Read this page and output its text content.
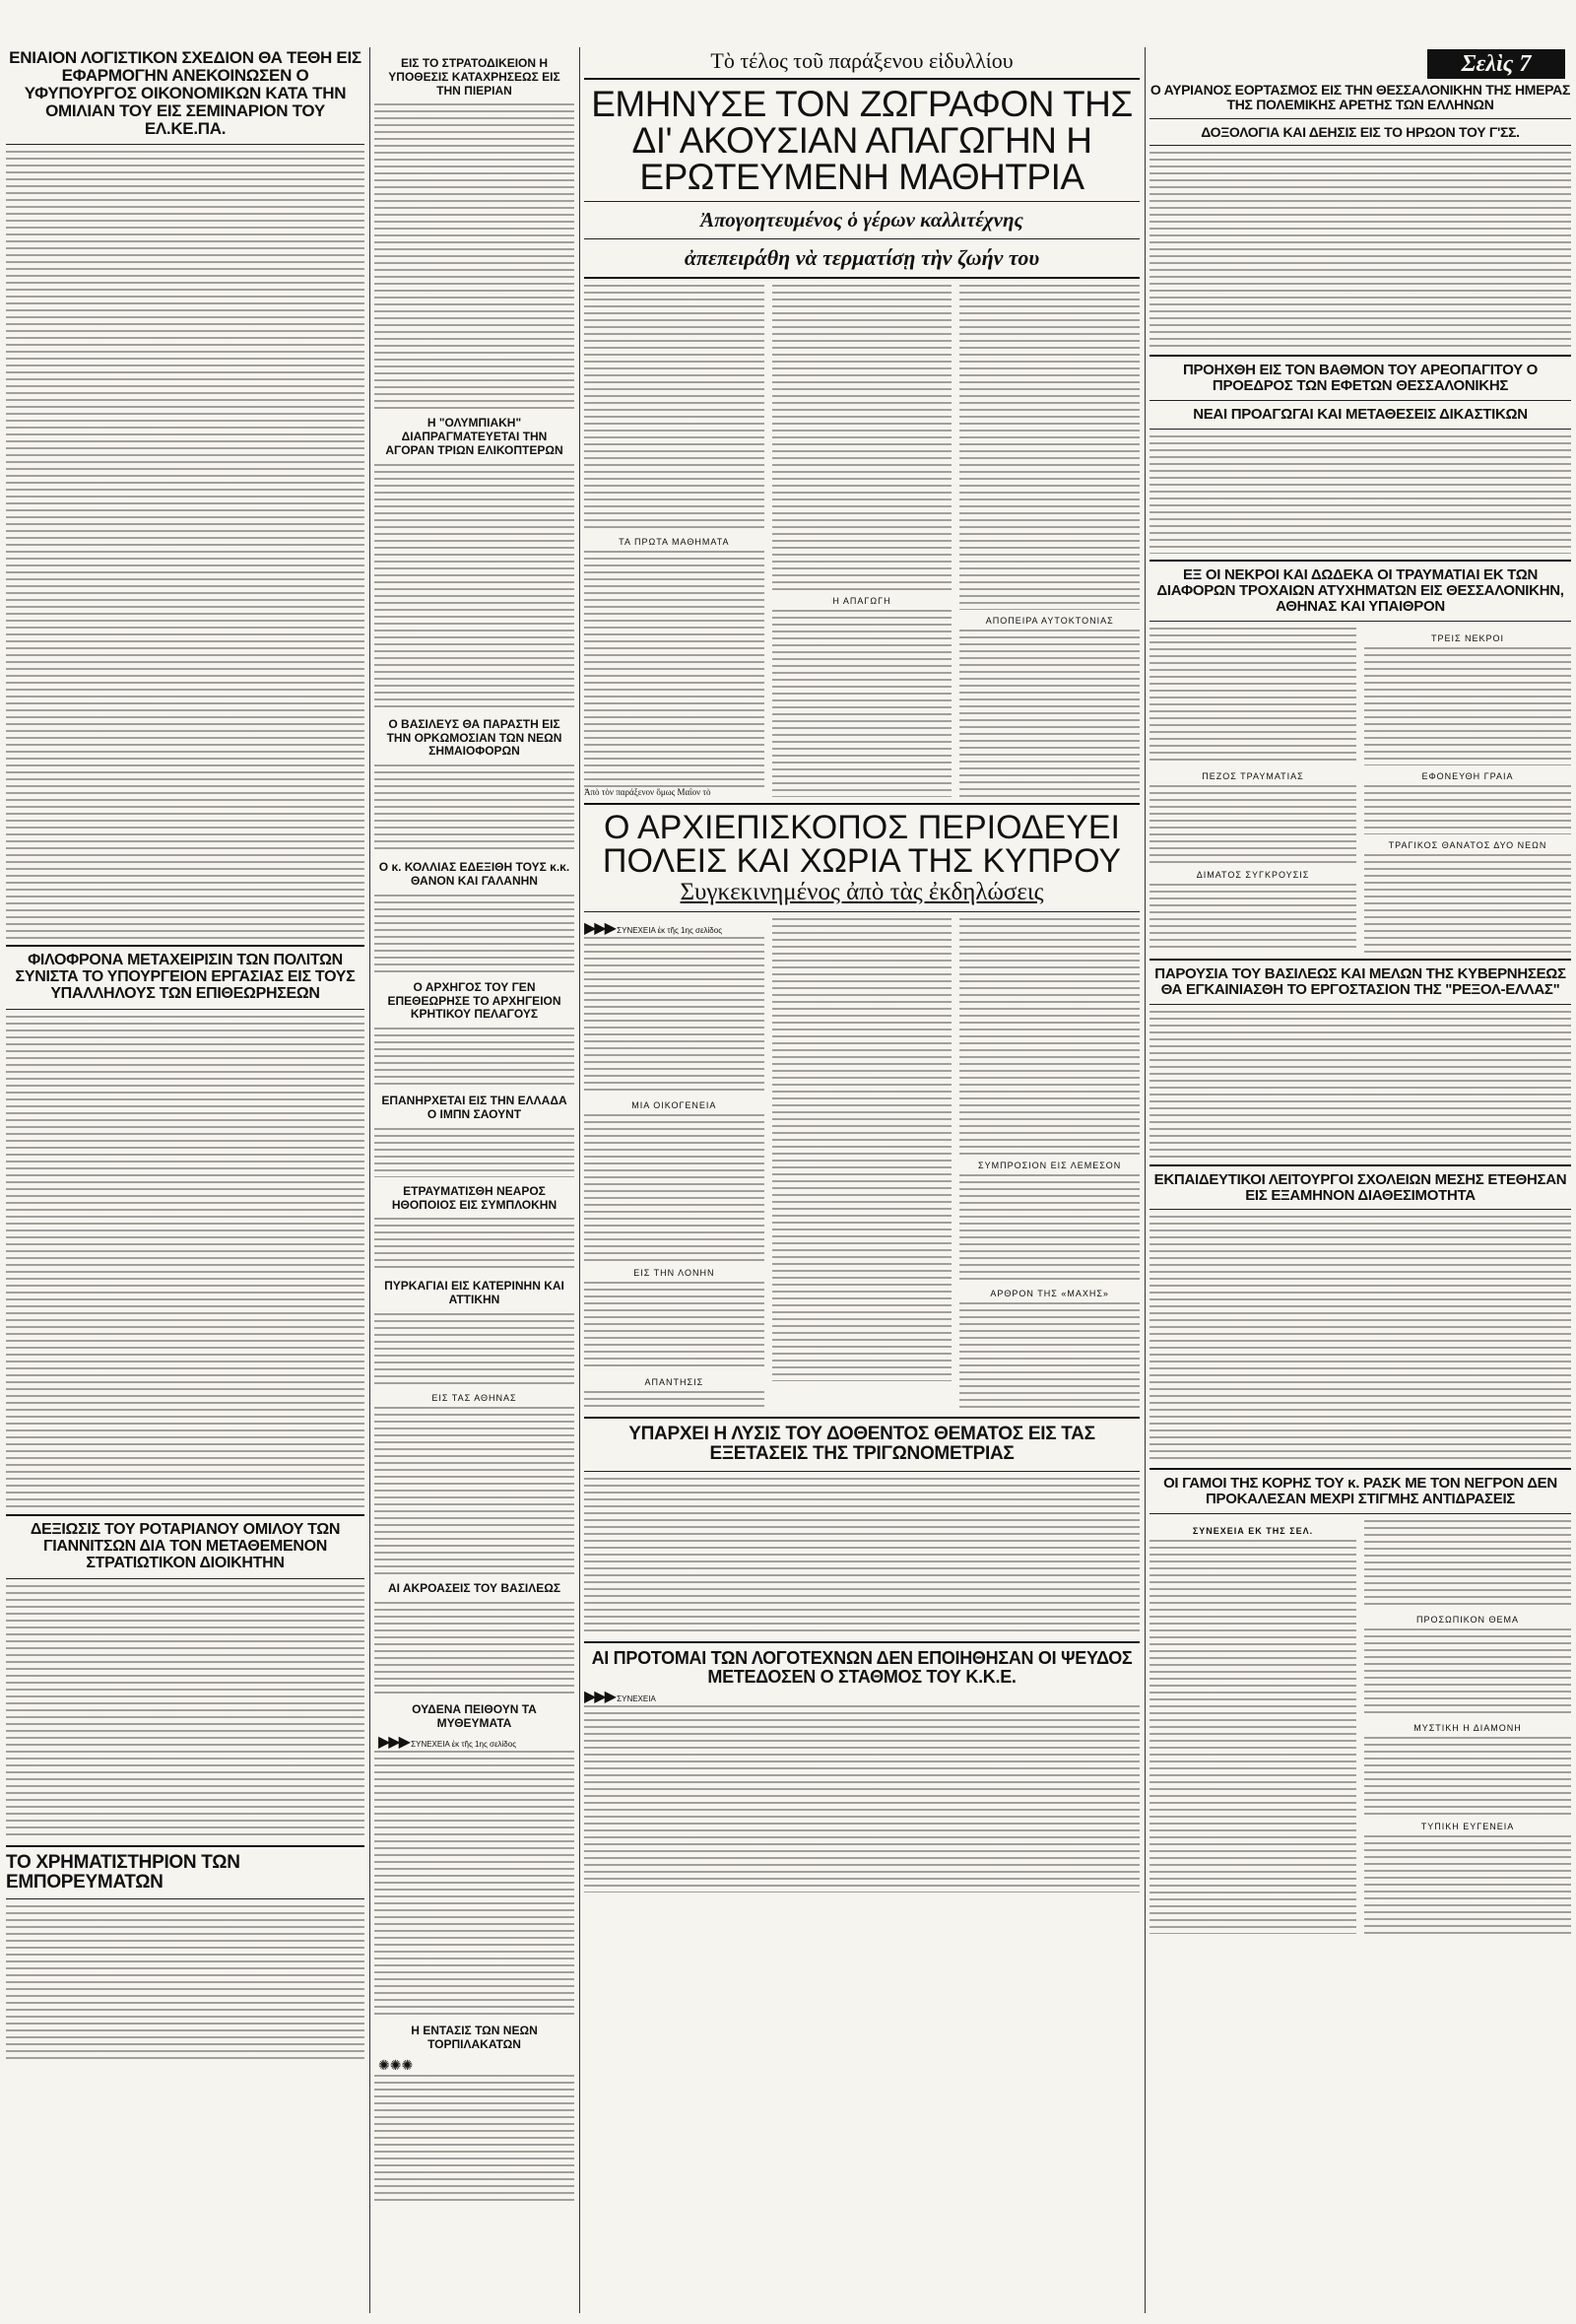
ΕΝΙΑΙΟΝ ΛΟΓΙΣΤΙΚΟΝ ΣΧΕΔΙΟΝ ΘΑ ΤΕΘΗ ΕΙΣ ΕΦΑΡΜΟΓΗΝ ΑΝΕΚΟΙΝΩΣΕΝ Ο ΥΦΥΠΟΥΡΓΟΣ ΟΙΚΟΝΟΜΙΚΩΝ ΚΑΤΑ ΤΗΝ ΟΜΙΛΙΑΝ ΤΟΥ ΕΙΣ ΣΕΜΙΝΑΡΙΟΝ ΤΟΥ ΕΛ.ΚΕ.ΠΑ.
ΦΙΛΟΦΡΟΝΑ ΜΕΤΑΧΕΙΡΙΣΙΝ ΤΩΝ ΠΟΛΙΤΩΝ ΣΥΝΙΣΤΑ ΤΟ ΥΠΟΥΡΓΕΙΟΝ ΕΡΓΑΣΙΑΣ ΕΙΣ ΤΟΥΣ ΥΠΑΛΛΗΛΟΥΣ ΤΩΝ ΕΠΙΘΕΩΡΗΣΕΩΝ
ΔΕΞΙΩΣΙΣ ΤΟΥ ΡΟΤΑΡΙΑΝΟΥ ΟΜΙΛΟΥ ΤΩΝ ΓΙΑΝΝΙΤΣΩΝ ΔΙΑ ΤΟΝ ΜΕΤΑΘΕΜΕΝΟΝ ΣΤΡΑΤΙΩΤΙΚΟΝ ΔΙΟΙΚΗΤΗΝ
ΤΟ ΧΡΗΜΑΤΙΣΤΗΡΙΟΝ ΤΩΝ ΕΜΠΟΡΕΥΜΑΤΩΝ
ΕΙΣ ΤΟ ΣΤΡΑΤΟΔΙΚΕΙΟΝ Η ΥΠΟΘΕΣΙΣ ΚΑΤΑΧΡΗΣΕΩΣ ΕΙΣ ΤΗΝ ΠΙΕΡΙΑΝ
Η "ΟΛΥΜΠΙΑΚΗ" ΔΙΑΠΡΑΓΜΑΤΕΥΕΤΑΙ ΤΗΝ ΑΓΟΡΑΝ ΤΡΙΩΝ ΕΛΙΚΟΠΤΕΡΩΝ
Ο ΒΑΣΙΛΕΥΣ ΘΑ ΠΑΡΑΣΤΗ ΕΙΣ ΤΗΝ ΟΡΚΩΜΟΣΙΑΝ ΤΩΝ ΝΕΩΝ ΣΗΜΑΙΟΦΟΡΩΝ
Ο κ. ΚΟΛΛΙΑΣ ΕΔΕΞΙΘΗ ΤΟΥΣ κ.κ. ΘΑΝΟΝ ΚΑΙ ΓΑΛΑΝΗΝ
Ο ΑΡΧΗΓΟΣ ΤΟΥ ΓΕΝ ΕΠΕΘΕΩΡΗΣΕ ΤΟ ΑΡΧΗΓΕΙΟΝ ΚΡΗΤΙΚΟΥ ΠΕΛΑΓΟΥΣ
ΕΠΑΝΗΡΧΕΤΑΙ ΕΙΣ ΤΗΝ ΕΛΛΑΔΑ Ο ΙΜΠΝ ΣΑΟΥΝΤ
ΕΤΡΑΥΜΑΤΙΣΘΗ ΝΕΑΡΟΣ ΗΘΟΠΟΙΟΣ ΕΙΣ ΣΥΜΠΛΟΚΗΝ
ΠΥΡΚΑΓΙΑΙ ΕΙΣ ΚΑΤΕΡΙΝΗΝ ΚΑΙ ΑΤΤΙΚΗΝ
ΕΙΣ ΤΑΣ ΑΘΗΝΑΣ
ΑΙ ΑΚΡΟΑΣΕΙΣ ΤΟΥ ΒΑΣΙΛΕΩΣ
ΟΥΔΕΝΑ ΠΕΙΘΟΥΝ ΤΑ ΜΥΘΕΥΜΑΤΑ
▶▶▶ ΣΥΝΕΧΕΙΑ ἐκ τῆς 1ης σελίδος
Η ΕΝΤΑΣΙΣ ΤΩΝ ΝΕΩΝ ΤΟΡΠΙΛΑΚΑΤΩΝ
✺✺✺
Τὸ τέλος τοῦ παράξενου εἰδυλλίου
ΕΜΗΝΥΣΕ ΤΟΝ ΖΩΓΡΑΦΟΝ ΤΗΣ ΔΙ' ΑΚΟΥΣΙΑΝ ΑΠΑΓΩΓΗΝ Η ΕΡΩΤΕΥΜΕΝΗ ΜΑΘΗΤΡΙΑ
Ἀπογοητευμένος ὁ γέρων καλλιτέχνης
ἀπεπειράθη νὰ τερματίσῃ τὴν ζωήν του
ΤΑ ΠΡΩΤΑ ΜΑΘΗΜΑΤΑ
Ἀπὸ τὸν παράξενον ὅμως Μαΐον τὸ
Η ΑΠΑΓΩΓΗ
ΑΠΟΠΕΙΡΑ ΑΥΤΟΚΤΟΝΙΑΣ
Ο ΑΡΧΙΕΠΙΣΚΟΠΟΣ ΠΕΡΙΟΔΕΥΕΙ ΠΟΛΕΙΣ ΚΑΙ ΧΩΡΙΑ ΤΗΣ ΚΥΠΡΟΥ
Συγκεκινημένος ἀπὸ τὰς ἐκδηλώσεις
▶▶▶ ΣΥΝΕΧΕΙΑ ἐκ τῆς 1ης σελίδος
ΜΙΑ ΟΙΚΟΓΕΝΕΙΑ
ΕΙΣ ΤΗΝ ΛΟΝΗΝ
ΑΠΑΝΤΗΣΙΣ
ΣΥΜΠΡΟΣΙΟΝ ΕΙΣ ΛΕΜΕΣΟΝ
ΑΡΘΡΟΝ ΤΗΣ «ΜΑΧΗΣ»
ΥΠΑΡΧΕΙ Η ΛΥΣΙΣ ΤΟΥ ΔΟΘΕΝΤΟΣ ΘΕΜΑΤΟΣ ΕΙΣ ΤΑΣ ΕΞΕΤΑΣΕΙΣ ΤΗΣ ΤΡΙΓΩΝΟΜΕΤΡΙΑΣ
ΑΙ ΠΡΟΤΟΜΑΙ ΤΩΝ ΛΟΓΟΤΕΧΝΩΝ ΔΕΝ ΕΠΟΙΗΘΗΣΑΝ ΟΙ ΨΕΥΔΟΣ ΜΕΤΕΔΟΣΕΝ Ο ΣΤΑΘΜΟΣ ΤΟΥ Κ.Κ.Ε.
▶▶▶ ΣΥΝΕΧΕΙΑ
Σελὶς 7
Ο ΑΥΡΙΑΝΟΣ ΕΟΡΤΑΣΜΟΣ ΕΙΣ ΤΗΝ ΘΕΣΣΑΛΟΝΙΚΗΝ ΤΗΣ ΗΜΕΡΑΣ ΤΗΣ ΠΟΛΕΜΙΚΗΣ ΑΡΕΤΗΣ ΤΩΝ ΕΛΛΗΝΩΝ
ΔΟΞΟΛΟΓΙΑ ΚΑΙ ΔΕΗΣΙΣ ΕΙΣ ΤΟ ΗΡΩΟΝ ΤΟΥ Γ'ΣΣ.
ΠΡΟΗΧΘΗ ΕΙΣ ΤΟΝ ΒΑΘΜΟΝ ΤΟΥ ΑΡΕΟΠΑΓΙΤΟΥ Ο ΠΡΟΕΔΡΟΣ ΤΩΝ ΕΦΕΤΩΝ ΘΕΣΣΑΛΟΝΙΚΗΣ
ΝΕΑΙ ΠΡΟΑΓΩΓΑΙ ΚΑΙ ΜΕΤΑΘΕΣΕΙΣ ΔΙΚΑΣΤΙΚΩΝ
ΕΞ ΟΙ ΝΕΚΡΟΙ ΚΑΙ ΔΩΔΕΚΑ ΟΙ ΤΡΑΥΜΑΤΙΑΙ ΕΚ ΤΩΝ ΔΙΑΦΟΡΩΝ ΤΡΟΧΑΙΩΝ ΑΤΥΧΗΜΑΤΩΝ ΕΙΣ ΘΕΣΣΑΛΟΝΙΚΗΝ, ΑΘΗΝΑΣ ΚΑΙ ΥΠΑΙΘΡΟΝ
ΠΕΖΟΣ ΤΡΑΥΜΑΤΙΑΣ
ΔΙΜΑΤΟΣ ΣΥΓΚΡΟΥΣΙΣ
ΤΡΕΙΣ ΝΕΚΡΟΙ
ΕΦΟΝΕΥΘΗ ΓΡΑΙΑ
ΤΡΑΓΙΚΟΣ ΘΑΝΑΤΟΣ ΔΥΟ ΝΕΩΝ
ΠΑΡΟΥΣΙΑ ΤΟΥ ΒΑΣΙΛΕΩΣ ΚΑΙ ΜΕΛΩΝ ΤΗΣ ΚΥΒΕΡΝΗΣΕΩΣ ΘΑ ΕΓΚΑΙΝΙΑΣΘΗ ΤΟ ΕΡΓΟΣΤΑΣΙΟΝ ΤΗΣ "ΡΕΞΟΛ-ΕΛΛΑΣ"
ΕΚΠΑΙΔΕΥΤΙΚΟΙ ΛΕΙΤΟΥΡΓΟΙ ΣΧΟΛΕΙΩΝ ΜΕΣΗΣ ΕΤΕΘΗΣΑΝ ΕΙΣ ΕΞΑΜΗΝΟΝ ΔΙΑΘΕΣΙΜΟΤΗΤΑ
ΟΙ ΓΑΜΟΙ ΤΗΣ ΚΟΡΗΣ ΤΟΥ κ. ΡΑΣΚ ΜΕ ΤΟΝ ΝΕΓΡΟΝ ΔΕΝ ΠΡΟΚΑΛΕΣΑΝ ΜΕΧΡΙ ΣΤΙΓΜΗΣ ΑΝΤΙΔΡΑΣΕΙΣ
ΣΥΝΕΧΕΙΑ ΕΚ ΤΗΣ ΣΕΛ.
ΠΡΟΣΩΠΙΚΟΝ ΘΕΜΑ
ΜΥΣΤΙΚΗ Η ΔΙΑΜΟΝΗ
ΤΥΠΙΚΗ ΕΥΓΕΝΕΙΑ
